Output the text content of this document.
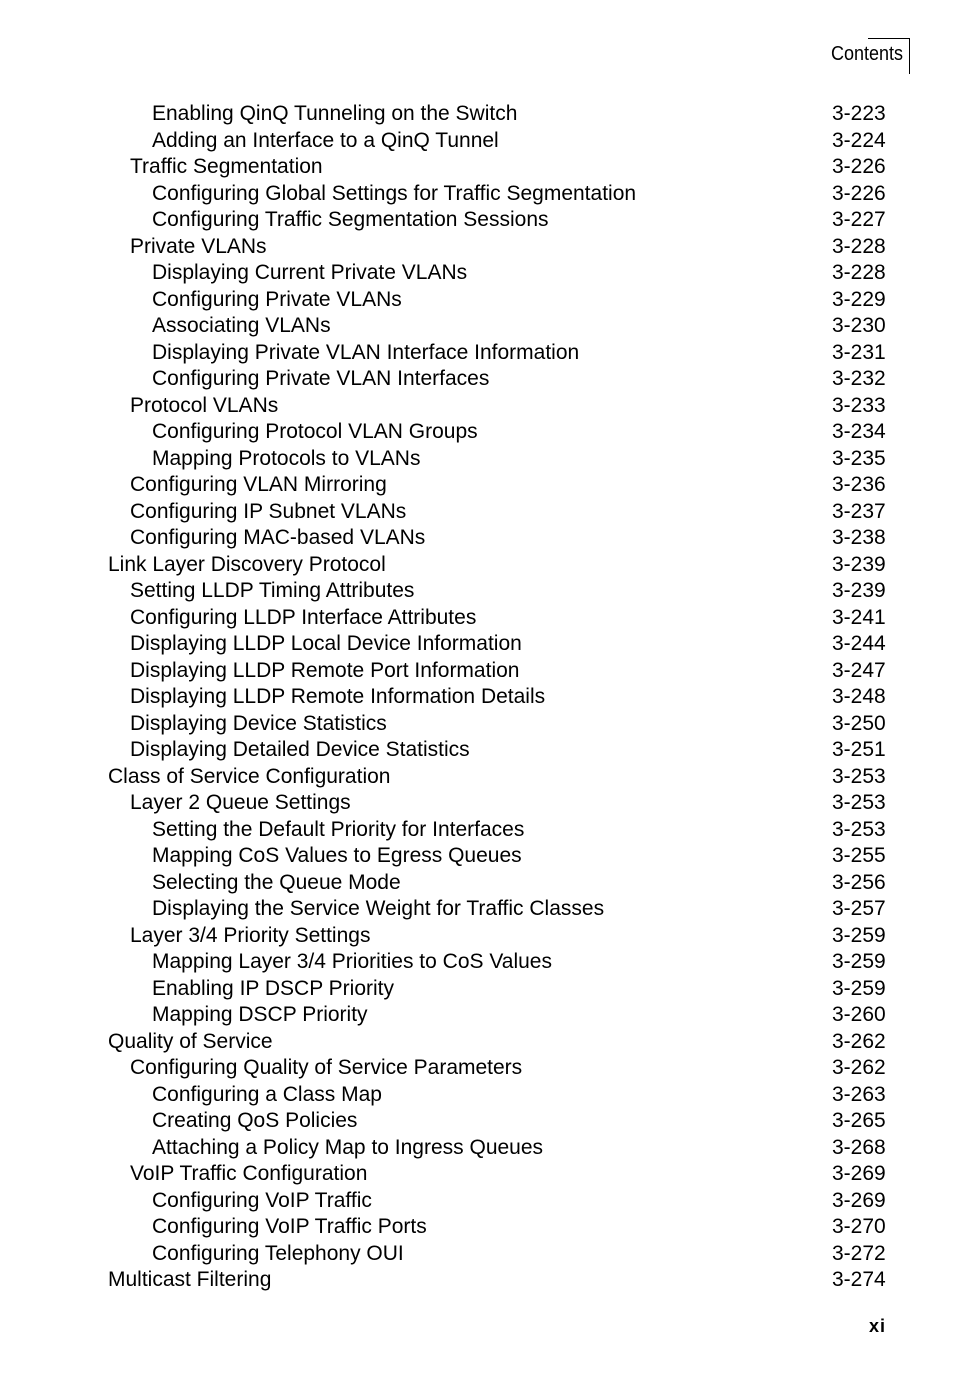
Contents
Enabling QinQ Tunneling on the Switch	3-223
Adding an Interface to a QinQ Tunnel	3-224
Traffic Segmentation	3-226
Configuring Global Settings for Traffic Segmentation	3-226
Configuring Traffic Segmentation Sessions	3-227
Private VLANs	3-228
Displaying Current Private VLANs	3-228
Configuring Private VLANs	3-229
Associating VLANs	3-230
Displaying Private VLAN Interface Information	3-231
Configuring Private VLAN Interfaces	3-232
Protocol VLANs	3-233
Configuring Protocol VLAN Groups	3-234
Mapping Protocols to VLANs	3-235
Configuring VLAN Mirroring	3-236
Configuring IP Subnet VLANs	3-237
Configuring MAC-based VLANs	3-238
Link Layer Discovery Protocol	3-239
Setting LLDP Timing Attributes	3-239
Configuring LLDP Interface Attributes	3-241
Displaying LLDP Local Device Information	3-244
Displaying LLDP Remote Port Information	3-247
Displaying LLDP Remote Information Details	3-248
Displaying Device Statistics	3-250
Displaying Detailed Device Statistics	3-251
Class of Service Configuration	3-253
Layer 2 Queue Settings	3-253
Setting the Default Priority for Interfaces	3-253
Mapping CoS Values to Egress Queues	3-255
Selecting the Queue Mode	3-256
Displaying the Service Weight for Traffic Classes	3-257
Layer 3/4 Priority Settings	3-259
Mapping Layer 3/4 Priorities to CoS Values	3-259
Enabling IP DSCP Priority	3-259
Mapping DSCP Priority	3-260
Quality of Service	3-262
Configuring Quality of Service Parameters	3-262
Configuring a Class Map	3-263
Creating QoS Policies	3-265
Attaching a Policy Map to Ingress Queues	3-268
VoIP Traffic Configuration	3-269
Configuring VoIP Traffic	3-269
Configuring VoIP Traffic Ports	3-270
Configuring Telephony OUI	3-272
Multicast Filtering	3-274
xi
